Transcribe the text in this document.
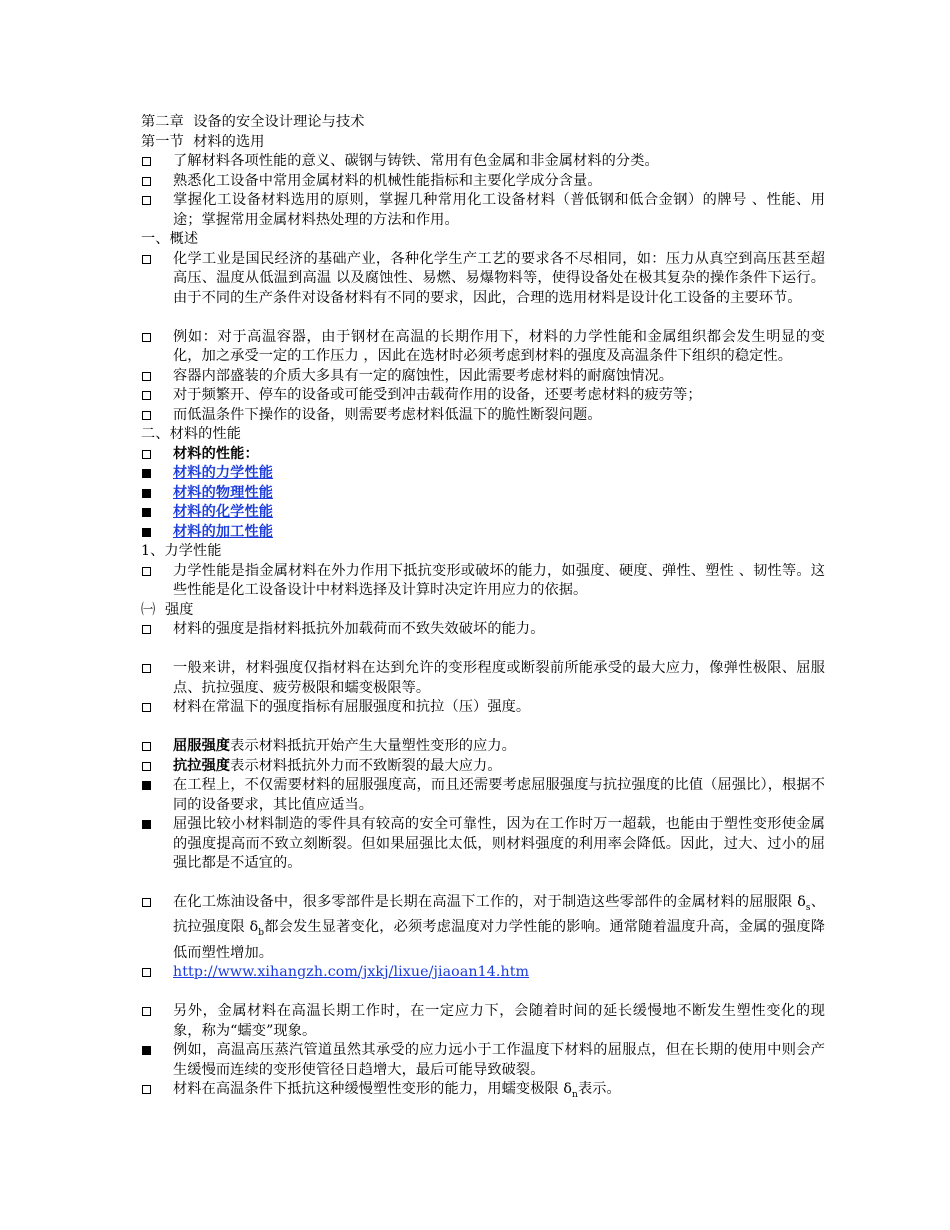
第二章  设备的安全设计理论与技术
第一节  材料的选用
了解材料各项性能的意义、碳钢与铸铁、常用有色金属和非金属材料的分类。
熟悉化工设备中常用金属材料的机械性能指标和主要化学成分含量。
掌握化工设备材料选用的原则，掌握几种常用化工设备材料（普低钢和低合金钢）的牌号 、性能、用途；掌握常用金属材料热处理的方法和作用。
一、概述
化学工业是国民经济的基础产业，各种化学生产工艺的要求各不尽相同，如：压力从真空到高压甚至超高压、温度从低温到高温 以及腐蚀性、易燃、易爆物料等，使得设备处在极其复杂的操作条件下运行。由于不同的生产条件对设备材料有不同的要求，因此，合理的选用材料是设计化工设备的主要环节。
例如：对于高温容器，由于钢材在高温的长期作用下，材料的力学性能和金属组织都会发生明显的变化，加之承受一定的工作压力 ，因此在选材时必须考虑到材料的强度及高温条件下组织的稳定性。
容器内部盛装的介质大多具有一定的腐蚀性，因此需要考虑材料的耐腐蚀情况。
对于频繁开、停车的设备或可能受到冲击载荷作用的设备，还要考虑材料的疲劳等；
而低温条件下操作的设备，则需要考虑材料低温下的脆性断裂问题。
二、材料的性能
材料的性能：
材料的力学性能
材料的物理性能
材料的化学性能
材料的加工性能
1、力学性能
力学性能是指金属材料在外力作用下抵抗变形或破坏的能力，如强度、硬度、弹性、塑性 、韧性等。这些性能是化工设备设计中材料选择及计算时决定许用应力的依据。
㈠ 强度
材料的强度是指材料抵抗外加载荷而不致失效破坏的能力。
一般来讲，材料强度仅指材料在达到允许的变形程度或断裂前所能承受的最大应力，像弹性极限、屈服点、抗拉强度、疲劳极限和蠕变极限等。
材料在常温下的强度指标有屈服强度和抗拉（压）强度。
屈服强度表示材料抵抗开始产生大量塑性变形的应力。
抗拉强度表示材料抵抗外力而不致断裂的最大应力。
在工程上，不仅需要材料的屈服强度高，而且还需要考虑屈服强度与抗拉强度的比值（屈强比），根据不同的设备要求，其比值应适当。
屈强比较小材料制造的零件具有较高的安全可靠性，因为在工作时万一超载，也能由于塑性变形使金属的强度提高而不致立刻断裂。但如果屈强比太低，则材料强度的利用率会降低。因此，过大、过小的屈强比都是不适宜的。
在化工炼油设备中，很多零部件是长期在高温下工作的，对于制造这些零部件的金属材料的屈服限 $\delta_s$、抗拉强度限 $\delta_b$都会发生显著变化，必须考虑温度对力学性能的影响。通常随着温度升高，金属的强度降低而塑性增加。
http://www.xihangzh.com/jxkj/lixue/jiaoan14.htm
另外，金属材料在高温长期工作时，在一定应力下，会随着时间的延长缓慢地不断发生塑性变化的现象，称为“蠕变”现象。
例如，高温高压蒸汽管道虽然其承受的应力远小于工作温度下材料的屈服点，但在长期的使用中则会产生缓慢而连续的变形使管径日趋增大，最后可能导致破裂。
材料在高温条件下抵抗这种缓慢塑性变形的能力，用蠕变极限 $\delta_n$表示。
